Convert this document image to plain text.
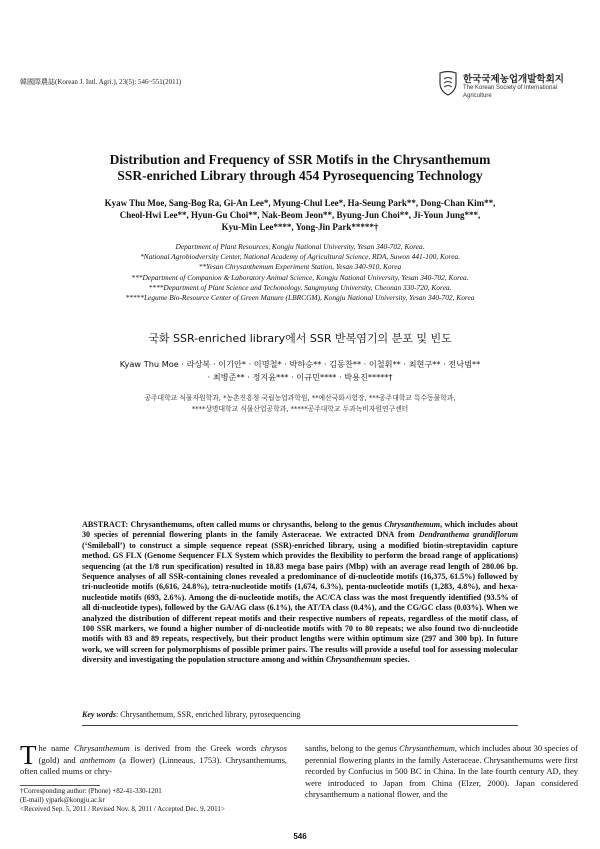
韓國際農誌(Korean J. Intl. Agri.), 23(5): 546~551(2011)	한국국제농업개발학회지
The Korean Society of International
Agriculture
Distribution and Frequency of SSR Motifs in the Chrysanthemum
SSR-enriched Library through 454 Pyrosequencing Technology
Kyaw Thu Moe, Sang-Bog Ra, Gi-An Lee*, Myung-Chul Lee*, Ha-Seung Park**, Dong-Chan Kim**,
Cheol-Hwi Lee**, Hyun-Gu Choi**, Nak-Beom Jeon**, Byung-Jun Choi**, Ji-Youn Jung***,
Kyu-Min Lee****, Yong-Jin Park*****†
Department of Plant Resources, Kongju National University, Yesan 340-702, Korea.
*National Agrobiodversity Center, National Academy of Agricultural Science, RDA, Suwon 441-100, Korea.
**Yesan Chrysanthemum Experiment Station, Yesan 340-910, Korea
***Department of Companion & Laboratory Animal Science, Kongju National University, Yesan 340-702, Korea.
****Department of Plant Science and Techonology, Sangmyung University, Cheonan 330-720, Korea.
*****Legume Bio-Resource Center of Green Manure (LBRCGM), Kongju National University, Yesan 340-702, Korea
국화 SSR-enriched library에서 SSR 반복염기의 분포 및 빈도
Kyaw Thu Moe · 라상복 · 이기안* · 이명철* · 박하승** · 김동찬** · 이철휘** · 최현구** · 전낙범**
· 최병준** · 정지윤*** · 이규민**** · 박용진*****†
공주대학교 식물자원학과, *농촌진흥청 국립농업과학원, **예산국화시험장, ***공주대학교 특수동물학과,
****상명대학교 식물산업공학과, *****공주대학교 두과녹비자원연구센터
ABSTRACT: Chrysanthemums, often called mums or chrysanths, belong to the genus Chrysanthemum, which includes about 30 species of perennial flowering plants in the family Asteraceae. We extracted DNA from Dendranthema grandiflorum (‘Smileball’) to construct a simple sequence repeat (SSR)-enriched library, using a modified biotin-streptavidin capture method. GS FLX (Genome Sequencer FLX System which provides the flexibility to perform the broad range of applications) sequencing (at the 1/8 run specification) resulted in 18.83 mega base pairs (Mbp) with an average read length of 280.06 bp. Sequence analyses of all SSR-containing clones revealed a predominance of di-nucleotide motifs (16,375, 61.5%) followed by tri-nucleotide motifs (6,616, 24.8%), tetra-nucleotide motifs (1,674, 6.3%), penta-nucleotide motifs (1,283, 4.8%), and hexa-nucleotide motifs (693, 2.6%). Among the di-nucleotide motifs, the AC/CA class was the most frequently identified (93.5% of all di-nucleotide types), followed by the GA/AG class (6.1%), the AT/TA class (0.4%), and the CG/GC class (0.03%). When we analyzed the distribution of different repeat motifs and their respective numbers of repeats, regardless of the motif class, of 100 SSR markers, we found a higher number of di-nucleotide motifs with 70 to 80 repeats; we also found two di-nucleotide motifs with 83 and 89 repeats, respectively, but their product lengths were within optimum size (297 and 300 bp). In future work, we will screen for polymorphisms of possible primer pairs. The results will provide a useful tool for assessing molecular diversity and investigating the population structure among and within Chrysanthemum species.
Key words: Chrysanthemum, SSR, enriched library, pyrosequencing
The name Chrysanthemum is derived from the Greek words chrysos (gold) and anthemom (a flower) (Linneaus, 1753). Chrysanthemums, often called mums or chry-
sanths, belong to the genus Chrysanthemum, which includes about 30 species of perennial flowering plants in the family Asteraceae. Chrysanthemums were first recorded by Confucius in 500 BC in China. In the late fourth century AD, they were introduced to Japan from China (Elzer, 2000). Japan considered chrysanthemum a national flower, and the
†Corresponding author: (Phone) +82-41-330-1201
(E-mail) yjpark@kongju.ac.kr
<Received Sep. 5, 2011 / Revised Nov. 8, 2011 / Accepted Dec. 9, 2011>
546
